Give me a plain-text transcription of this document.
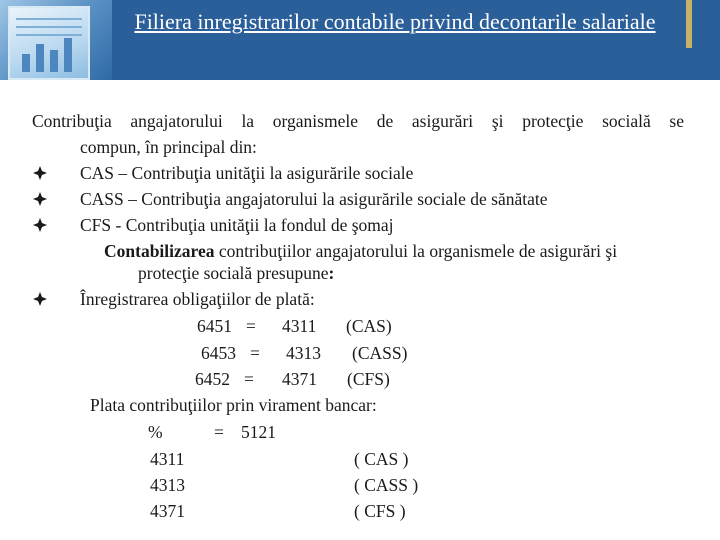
Filiera inregistrarilor contabile privind decontarile salariale
Contribuţia angajatorului la organismele de asigurări şi protecţie socială se
compun, în principal din:
CAS – Contribuţia unităţii la asigurările sociale
CASS – Contribuţia angajatorului la asigurările sociale de sănătate
CFS - Contribuţia unităţii la fondul de şomaj
Contabilizarea contribuţiilor angajatorului la organismele de asigurări şi
protecţie socială presupune:
Înregistrarea obligaţiilor de plată:
6451 = 4311 (CAS)
6453 = 4313 (CASS)
6452 = 4371 (CFS)
Plata contribuţiilor prin virament bancar:
%	= 5121
4311	( CAS )
4313	( CASS )
4371	( CFS )
